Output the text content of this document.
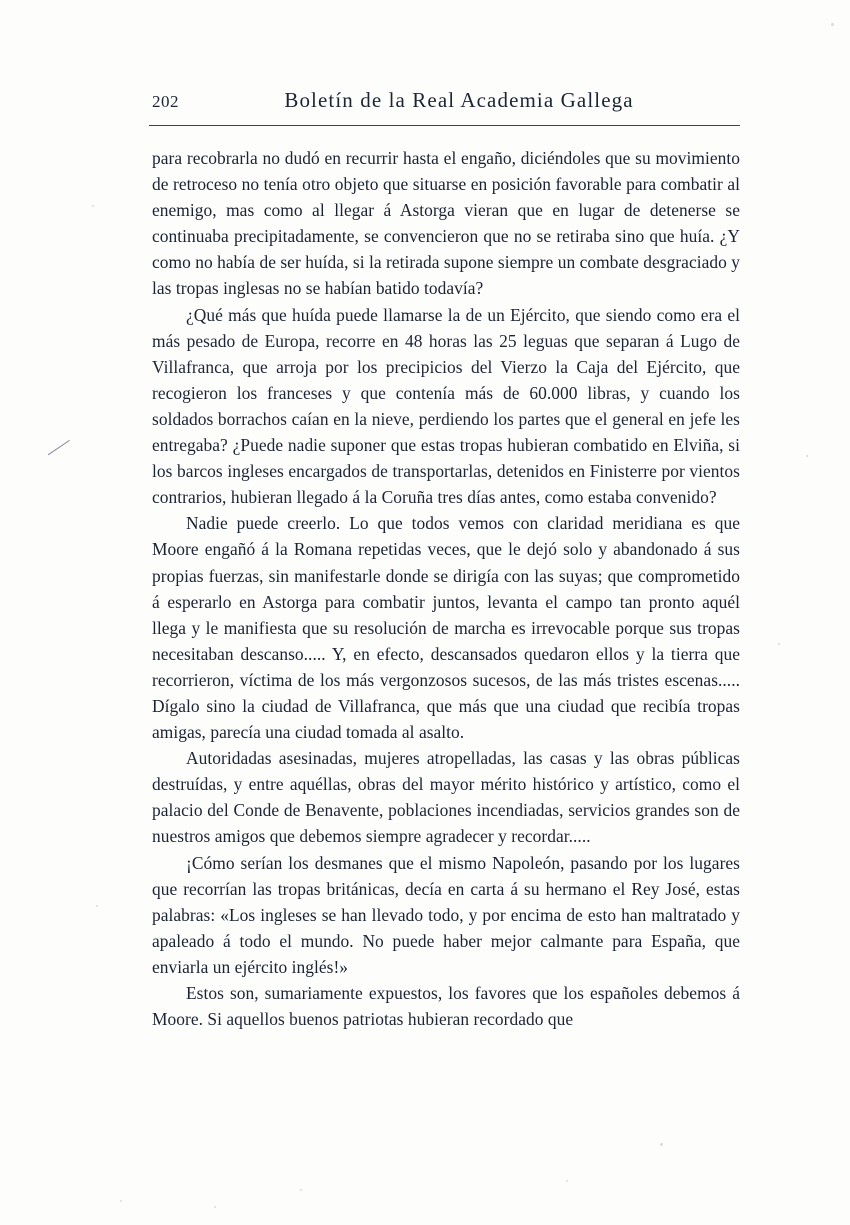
202	Boletín de la Real Academia Gallega

para recobrarla no dudó en recurrir hasta el engaño, diciéndoles que su movimiento de retroceso no tenía otro objeto que situarse en posición favorable para combatir al enemigo, mas como al llegar á Astorga vieran que en lugar de detenerse se continuaba precipitadamente, se convencieron que no se retiraba sino que huía. ¿Y como no había de ser huída, si la retirada supone siempre un combate desgraciado y las tropas inglesas no se habían batido todavía?

¿Qué más que huída puede llamarse la de un Ejército, que siendo como era el más pesado de Europa, recorre en 48 horas las 25 leguas que separan á Lugo de Villafranca, que arroja por los precipicios del Vierzo la Caja del Ejército, que recogieron los franceses y que contenía más de 60.000 libras, y cuando los soldados borrachos caían en la nieve, perdiendo los partes que el general en jefe les entregaba? ¿Puede nadie suponer que estas tropas hubieran combatido en Elviña, si los barcos ingleses encargados de transportarlas, detenidos en Finisterre por vientos contrarios, hubieran llegado á la Coruña tres días antes, como estaba convenido?

Nadie puede creerlo. Lo que todos vemos con claridad meridiana es que Moore engañó á la Romana repetidas veces, que le dejó solo y abandonado á sus propias fuerzas, sin manifestarle donde se dirigía con las suyas; que comprometido á esperarlo en Astorga para combatir juntos, levanta el campo tan pronto aquél llega y le manifiesta que su resolución de marcha es irrevocable porque sus tropas necesitaban descanso..... Y, en efecto, descansados quedaron ellos y la tierra que recorrieron, víctima de los más vergonzosos sucesos, de las más tristes escenas..... Dígalo sino la ciudad de Villafranca, que más que una ciudad que recibía tropas amigas, parecía una ciudad tomada al asalto.

Autoridadas asesinadas, mujeres atropelladas, las casas y las obras públicas destruídas, y entre aquéllas, obras del mayor mérito histórico y artístico, como el palacio del Conde de Benavente, poblaciones incendiadas, servicios grandes son de nuestros amigos que debemos siempre agradecer y recordar.....

¡Cómo serían los desmanes que el mismo Napoleón, pasando por los lugares que recorrían las tropas británicas, decía en carta á su hermano el Rey José, estas palabras: «Los ingleses se han llevado todo, y por encima de esto han maltratado y apaleado á todo el mundo. No puede haber mejor calmante para España, que enviarla un ejército inglés!»

Estos son, sumariamente expuestos, los favores que los españoles debemos á Moore. Si aquellos buenos patriotas hubieran recordado que
